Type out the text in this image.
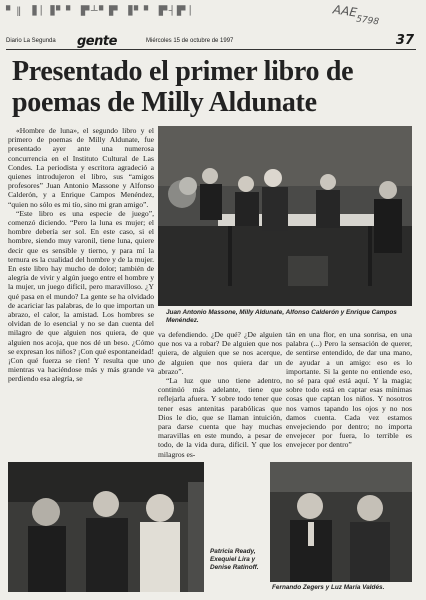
▘‖ ▐│▐▘▘ ▛┴▘▛ ▐▘▘ ▛┤▛│	AAE
5798
Diario La Segunda gente	Miércoles 15 de octubre de 1997	37
Presentado el primer libro de poemas de Milly Aldunate

«Hombre de luna», el segundo libro y el primero de poemas de Milly Aldunate, fue presentado ayer ante una numerosa concurrencia en el Instituto Cultural de Las Condes. La periodista y escritora agradeció a quienes introdujeron el libro, sus “amigos profesores” Juan Antonio Massone y Alfonso Calderón, y a Enrique Campos Menéndez, “quien no sólo es mi tío, sino mi gran amigo”.

“Este libro es una especie de juego”, comenzó diciendo. “Pero la luna es mujer; el hombre debería ser sol. En este caso, si el hombre, siendo muy varonil, tiene luna, quiere decir que es sensible y tierno, y para mí la ternura es la cualidad del hombre y de la mujer. En este libro hay mucho de dolor; también de alegría de vivir y algún juego entre el hombre y la mujer, un juego difícil, pero maravilloso. ¿Y qué pasa en el mundo? La gente se ha olvidado de acariciar las palabras, de lo que importan un abrazo, el calor, la amistad. Los hombres se olvidan de lo esencial y no se dan cuenta del milagro de que alguien nos quiera, de que alguien nos acoja, que nos dé un beso. ¿Cómo se expresan los niños? ¡Con qué espontaneidad! ¡Con qué fuerza se ríen! Y resulta que uno mientras va haciéndose más y más grande va perdiendo esa alegría, se

Juan Antonio Massone, Milly Aldunate, Alfonso Calderón y Enrique Campos Menéndez.

va defendiendo. ¿De qué? ¿De alguien que nos va a robar? De alguien que nos quiera, de alguien que se nos acerque, de alguien que nos quiera dar un abrazo”.

“La luz que uno tiene adentro, continúó más adelante, tiene que reflejarla afuera. Y sobre todo tener que tener esas antenitas parabólicas que Dios le dio, que se llaman intuición, para darse cuenta que hay muchas maravillas en este mundo, a pesar de todo, de la vida dura, difícil. Y que los milagros es-

tán en una flor, en una sonrisa, en una palabra (...) Pero la sensación de querer, de sentirse entendido, de dar una mano, de ayudar a un amigo: eso es lo importante. Si la gente no entiende eso, no sé para qué está aquí. Y la magia; sobre todo está en captar esas mínimas cosas que captan los niños. Y nosotros nos vamos tapando los ojos y no nos damos cuenta. Cada vez estamos envejeciendo por dentro; no importa envejecer por fuera, lo terrible es envejecer por dentro”

Patricia Ready, Exequiel Lira y Denise Ratinoff.
Fernando Zegers y Luz María Valdés.
